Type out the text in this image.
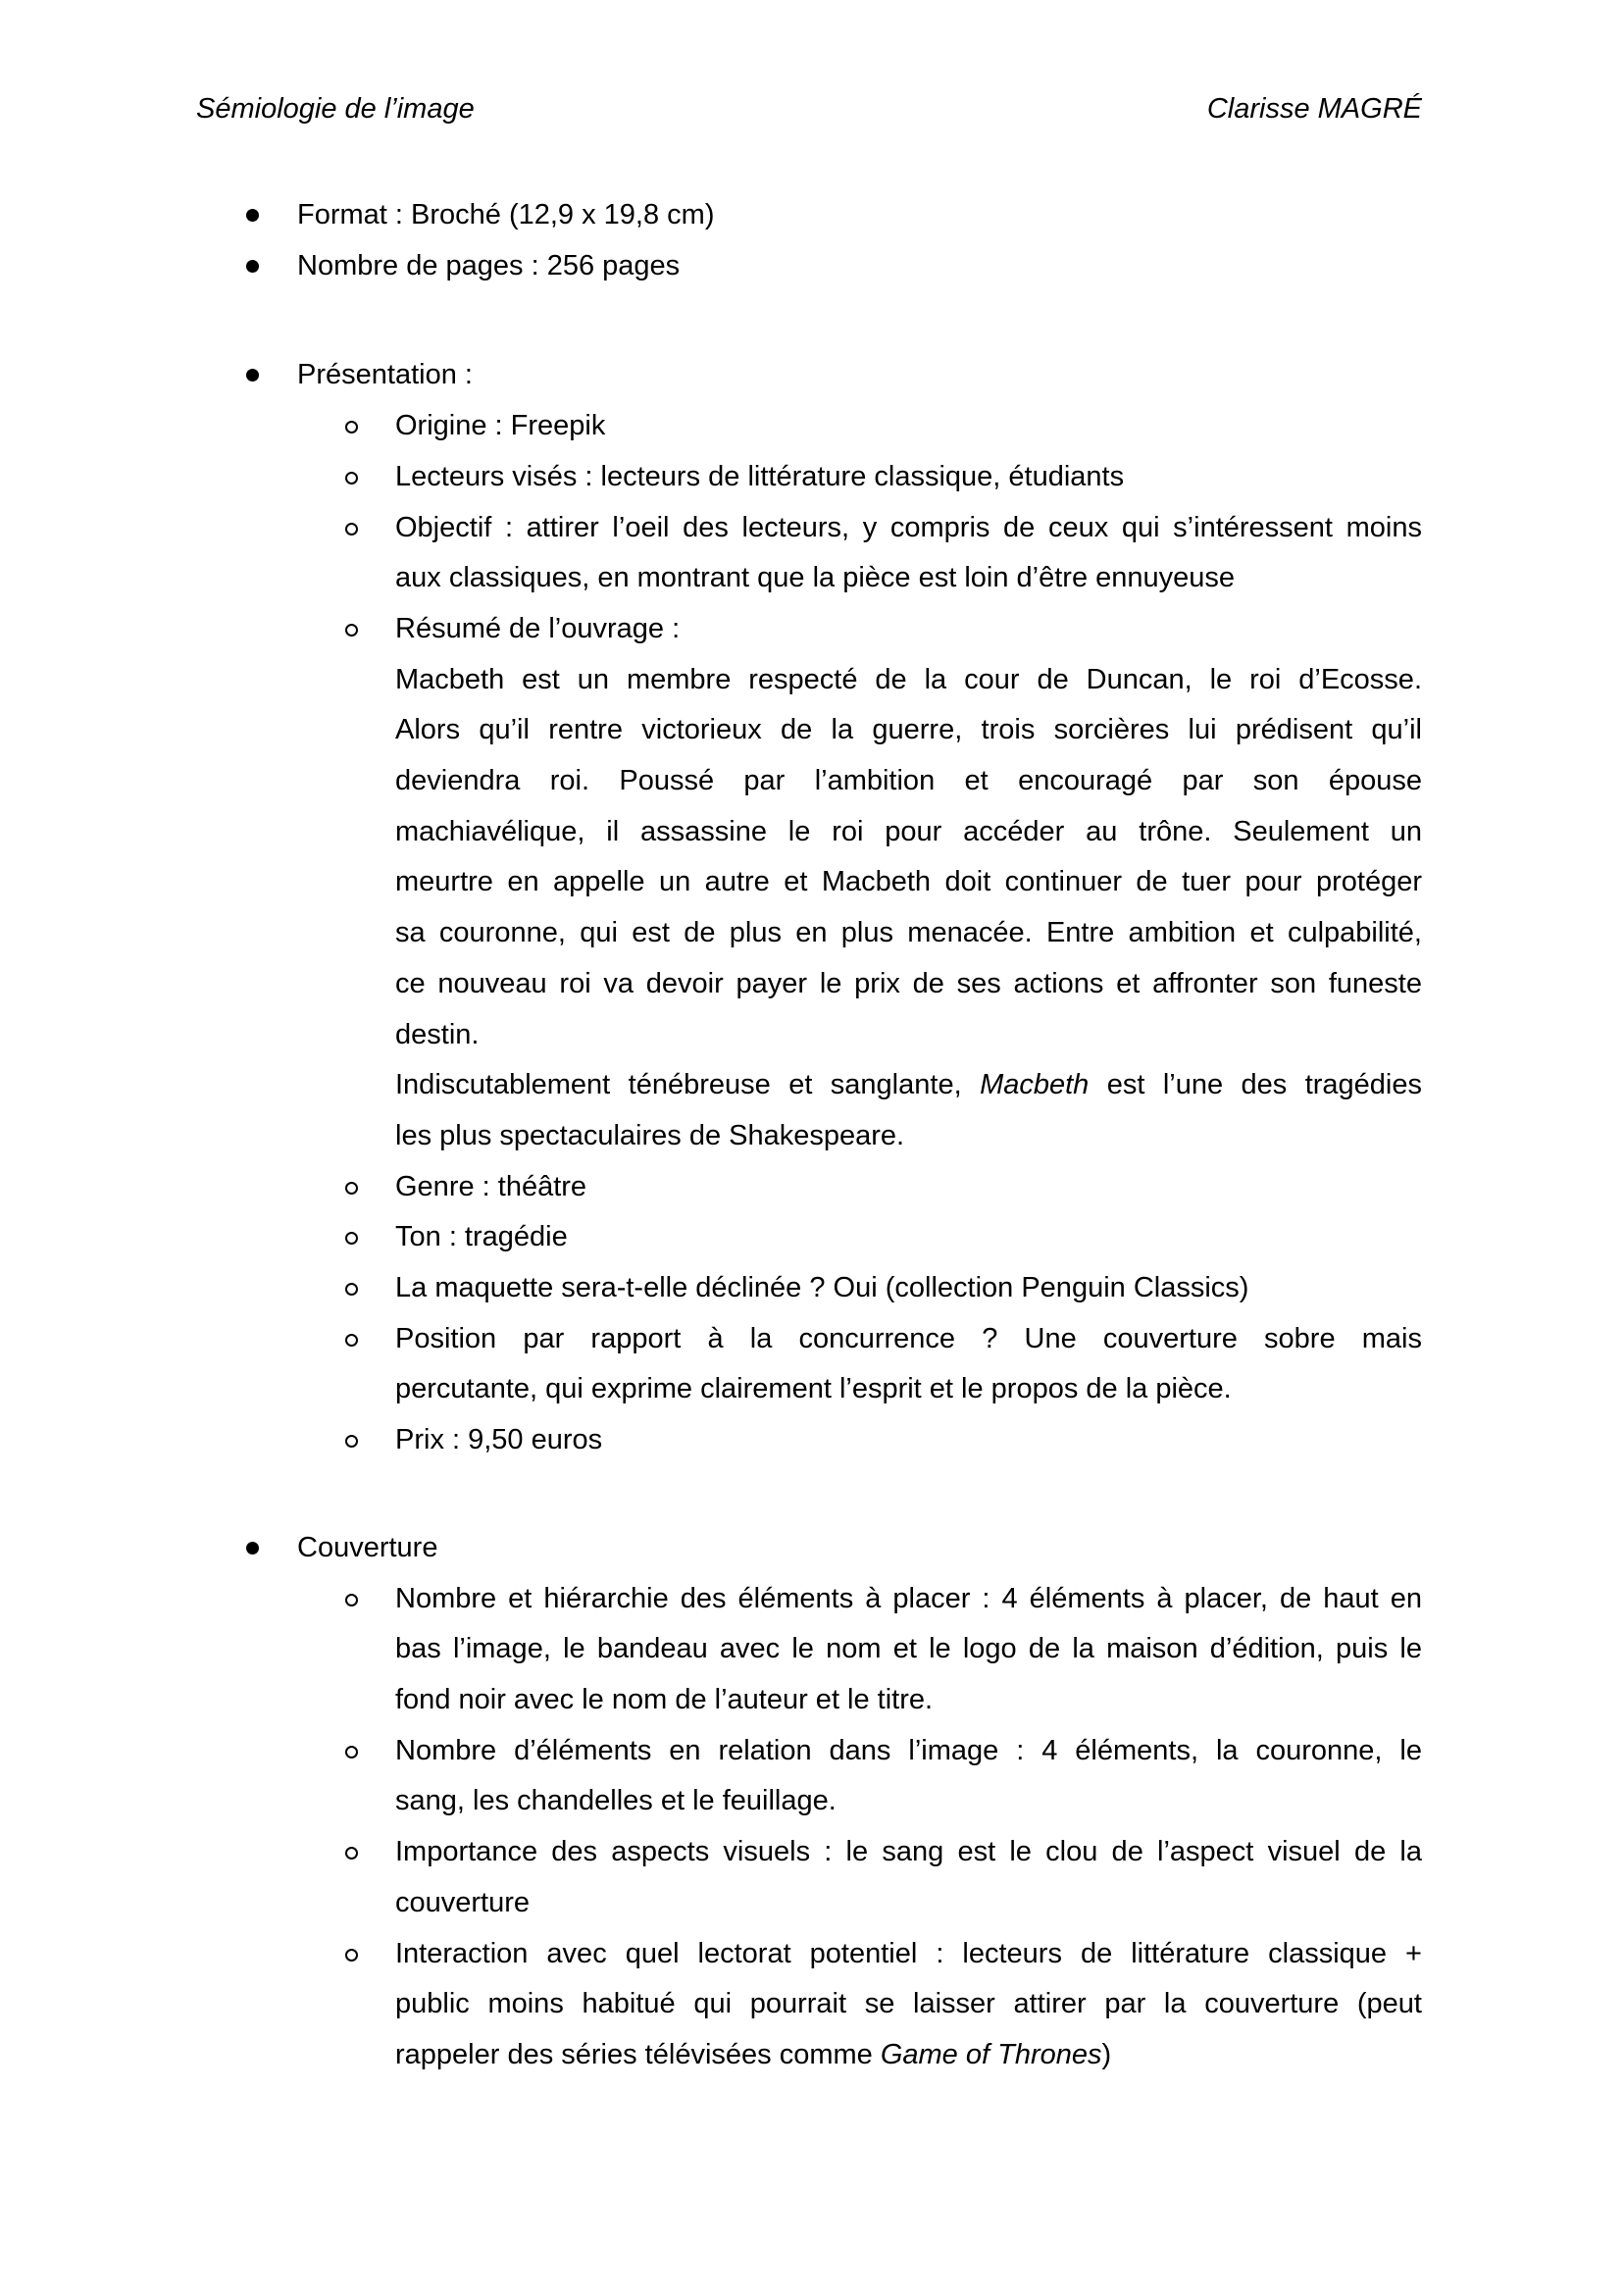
Sémiologie de l’image	Clarisse MAGRÉ
Format : Broché (12,9 x 19,8 cm)
Nombre de pages : 256 pages
Présentation :
Origine : Freepik
Lecteurs visés : lecteurs de littérature classique, étudiants
Objectif : attirer l’oeil des lecteurs, y compris de ceux qui s’intéressent moins
aux classiques, en montrant que la pièce est loin d’être ennuyeuse
Résumé de l’ouvrage :
Macbeth est un membre respecté de la cour de Duncan, le roi d’Ecosse.
Alors qu’il rentre victorieux de la guerre, trois sorcières lui prédisent qu’il
deviendra roi. Poussé par l’ambition et encouragé par son épouse
machiavélique, il assassine le roi pour accéder au trône. Seulement un
meurtre en appelle un autre et Macbeth doit continuer de tuer pour protéger
sa couronne, qui est de plus en plus menacée. Entre ambition et culpabilité,
ce nouveau roi va devoir payer le prix de ses actions et affronter son funeste
destin.
Indiscutablement ténébreuse et sanglante, Macbeth est l’une des tragédies
les plus spectaculaires de Shakespeare.
Genre : théâtre
Ton : tragédie
La maquette sera-t-elle déclinée ? Oui (collection Penguin Classics)
Position par rapport à la concurrence ? Une couverture sobre mais
percutante, qui exprime clairement l’esprit et le propos de la pièce.
Prix : 9,50 euros
Couverture
Nombre et hiérarchie des éléments à placer : 4 éléments à placer, de haut en
bas l’image, le bandeau avec le nom et le logo de la maison d’édition, puis le
fond noir avec le nom de l’auteur et le titre.
Nombre d’éléments en relation dans l’image : 4 éléments, la couronne, le
sang, les chandelles et le feuillage.
Importance des aspects visuels : le sang est le clou de l’aspect visuel de la
couverture
Interaction avec quel lectorat potentiel : lecteurs de littérature classique +
public moins habitué qui pourrait se laisser attirer par la couverture (peut
rappeler des séries télévisées comme Game of Thrones)
